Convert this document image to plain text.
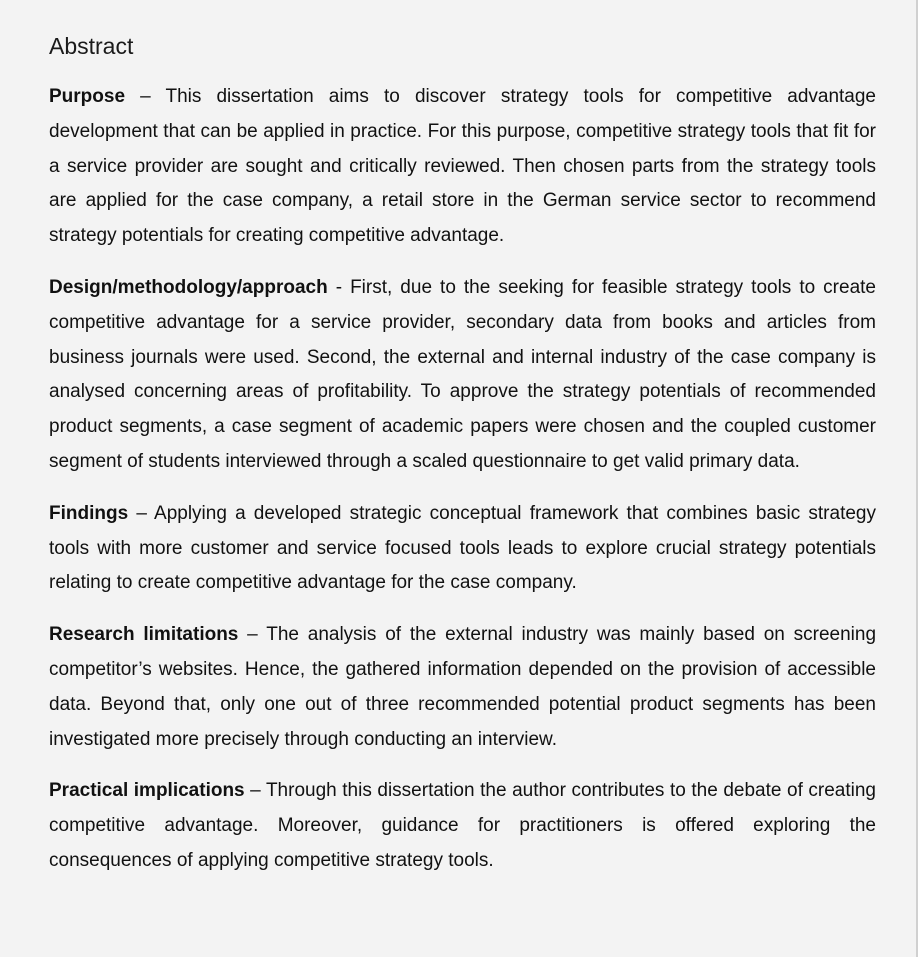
Abstract

Purpose – This dissertation aims to discover strategy tools for competitive advantage development that can be applied in practice. For this purpose, competitive strategy tools that fit for a service provider are sought and critically reviewed. Then chosen parts from the strategy tools are applied for the case company, a retail store in the German service sector to recommend strategy potentials for creating competitive advantage.

Design/methodology/approach - First, due to the seeking for feasible strategy tools to create competitive advantage for a service provider, secondary data from books and articles from business journals were used. Second, the external and internal industry of the case company is analysed concerning areas of profitability. To approve the strategy potentials of recommended product segments, a case segment of academic papers were chosen and the coupled customer segment of students interviewed through a scaled questionnaire to get valid primary data.

Findings – Applying a developed strategic conceptual framework that combines basic strategy tools with more customer and service focused tools leads to explore crucial strategy potentials relating to create competitive advantage for the case company.

Research limitations – The analysis of the external industry was mainly based on screening competitor’s websites. Hence, the gathered information depended on the provision of accessible data. Beyond that, only one out of three recommended potential product segments has been investigated more precisely through conducting an interview.

Practical implications – Through this dissertation the author contributes to the debate of creating competitive advantage. Moreover, guidance for practitioners is offered exploring the consequences of applying competitive strategy tools.
